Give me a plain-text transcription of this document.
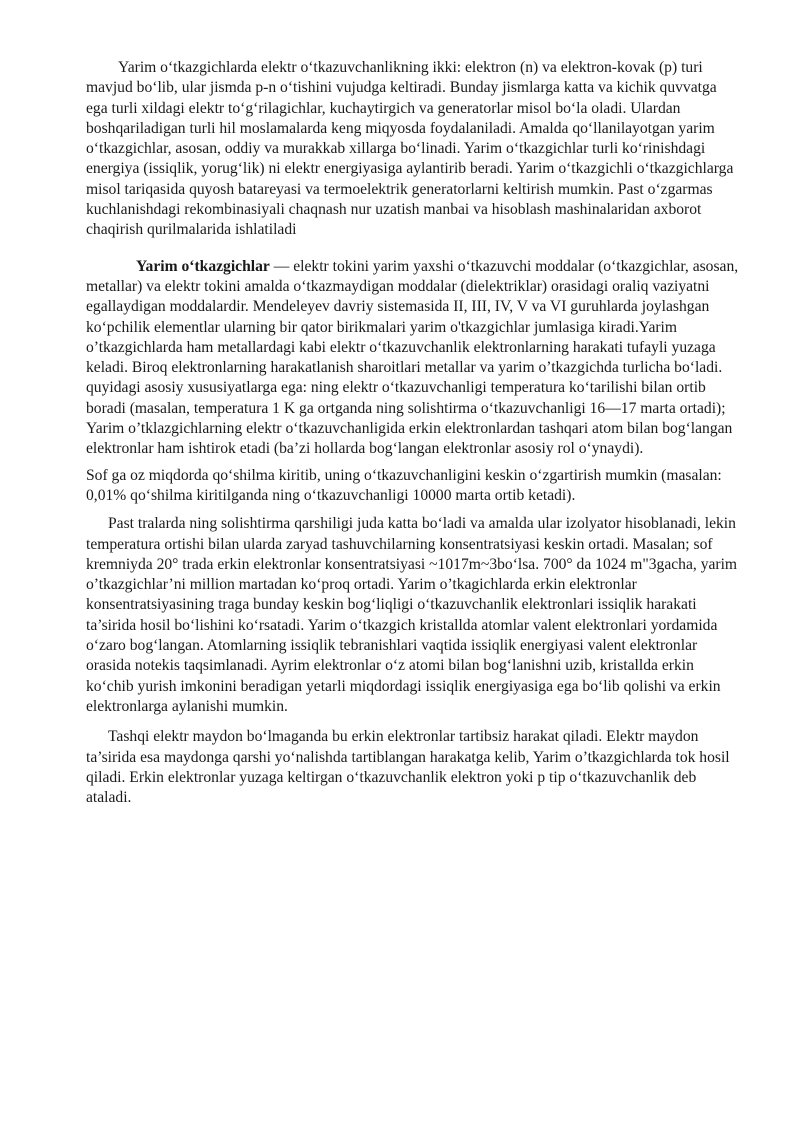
Yarim o‘tkazgichlarda elektr o‘tkazuvchanlikning ikki: elektron (n) va elektron-kovak (p) turi mavjud bo‘lib, ular jismda p-n o‘tishini vujudga keltiradi. Bunday jismlarga katta va kichik quvvatga ega turli xildagi elektr to‘g‘rilagichlar, kuchaytirgich va generatorlar misol bo‘la oladi. Ulardan boshqariladigan turli hil moslamalarda keng miqyosda foydalaniladi. Amalda qo‘llanilayotgan yarim o‘tkazgichlar, asosan, oddiy va murakkab xillarga bo‘linadi. Yarim o‘tkazgichlar turli ko‘rinishdagi energiya (issiqlik, yorug‘lik) ni elektr energiyasiga aylantirib beradi. Yarim o‘tkazgichli o‘tkazgichlarga misol tariqasida quyosh batareyasi va termoelektrik generatorlarni keltirish mumkin. Past o‘zgarmas kuchlanishdagi rekombinasiyali chaqnash nur uzatish manbai va hisoblash mashinalaridan axborot chaqirish qurilmalarida ishlatiladi

Yarim o‘tkazgichlar — elektr tokini yarim yaxshi o‘tkazuvchi moddalar (o‘tkazgichlar, asosan, metallar) va elektr tokini amalda o‘tkazmaydigan moddalar (dielektriklar) orasidagi oraliq vaziyatni egallaydigan moddalardir. Mendeleyev davriy sistemasida II, III, IV, V va VI guruhlarda joylashgan ko‘pchilik elementlar ularning bir qator birikmalari yarim o'tkazgichlar jumlasiga kiradi.Yarim o’tkazgichlarda ham metallardagi kabi elektr o‘tkazuvchanlik elektronlarning harakati tufayli yuzaga keladi. Biroq elektronlarning harakatlanish sharoitlari metallar va yarim o’tkazgichda turlicha bo‘ladi. quyidagi asosiy xususiyatlarga ega: ning elektr o‘tkazuvchanligi temperatura ko‘tarilishi bilan ortib boradi (masalan, temperatura 1 K ga ortganda ning solishtirma o‘tkazuvchanligi 16—17 marta ortadi); Yarim o’tklazgichlarning elektr o‘tkazuvchanligida erkin elektronlardan tashqari atom bilan bog‘langan elektronlar ham ishtirok etadi (ba’zi hollarda bog‘langan elektronlar asosiy rol o‘ynaydi).

Sof ga oz miqdorda qo‘shilma kiritib, uning o‘tkazuvchanligini keskin o‘zgartirish mumkin (masalan: 0,01% qo‘shilma kiritilganda ning o‘tkazuvchanligi 10000 marta ortib ketadi).

Past tralarda ning solishtirma qarshiligi juda katta bo‘ladi va amalda ular izolyator hisoblanadi, lekin temperatura ortishi bilan ularda zaryad tashuvchilarning konsentratsiyasi keskin ortadi. Masalan; sof kremniyda 20° trada erkin elektronlar konsentratsiyasi ~1017m~3bo‘lsa. 700° da 1024 m"3gacha, yarim o’tkazgichlar’ni million martadan ko‘proq ortadi. Yarim o’tkagichlarda erkin elektronlar konsentratsiyasining traga bunday keskin bog‘liqligi o‘tkazuvchanlik elektronlari issiqlik harakati ta’sirida hosil bo‘lishini ko‘rsatadi. Yarim o‘tkazgich kristallda atomlar valent elektronlari yordamida o‘zaro bog‘langan. Atomlarning issiqlik tebranishlari vaqtida issiqlik energiyasi valent elektronlar orasida notekis taqsimlanadi. Ayrim elektronlar o‘z atomi bilan bog‘lanishni uzib, kristallda erkin ko‘chib yurish imkonini beradigan yetarli miqdordagi issiqlik energiyasiga ega bo‘lib qolishi va erkin elektronlarga aylanishi mumkin.

Tashqi elektr maydon bo‘lmaganda bu erkin elektronlar tartibsiz harakat qiladi. Elektr maydon ta’sirida esa maydonga qarshi yo‘nalishda tartiblangan harakatga kelib, Yarim o’tkazgichlarda tok hosil qiladi. Erkin elektronlar yuzaga keltirgan o‘tkazuvchanlik elektron yoki p tip o‘tkazuvchanlik deb ataladi.
